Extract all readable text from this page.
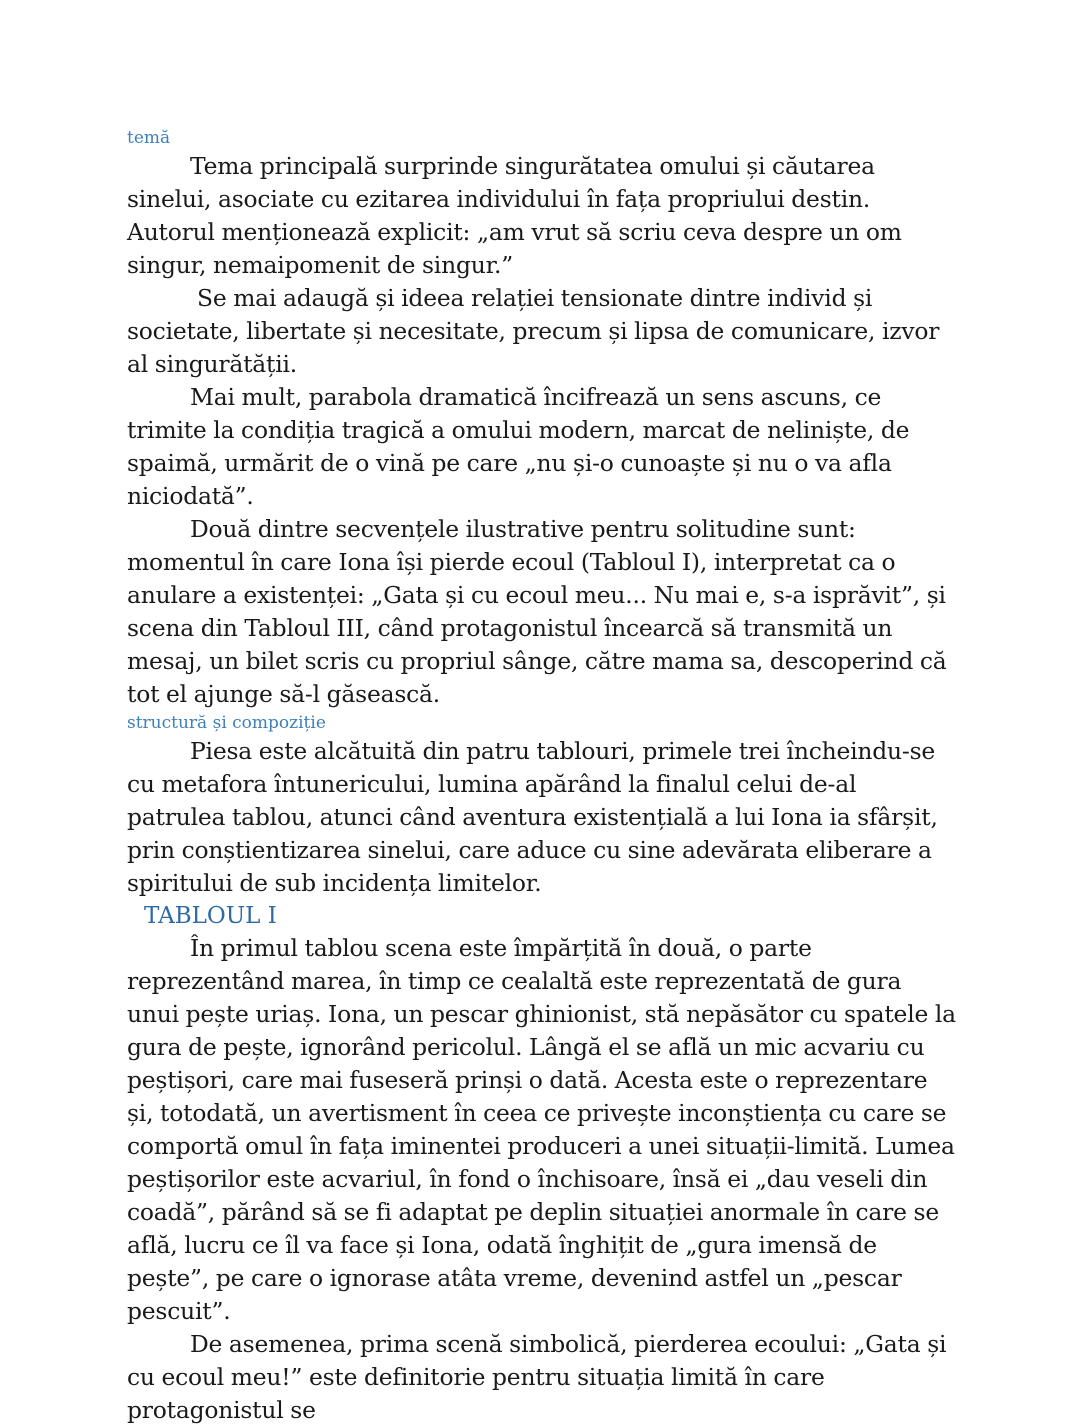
temă

Tema principală surprinde singurătatea omului și căutarea sinelui, asociate cu ezitarea individului în fața propriului destin. Autorul menționează explicit: „am vrut să scriu ceva despre un om singur, nemaipomenit de singur.”

Se mai adaugă și ideea relației tensionate dintre individ și societate, libertate și necesitate, precum și lipsa de comunicare, izvor al singurătății.

Mai mult, parabola dramatică încifrează un sens ascuns, ce trimite la condiția tragică a omului modern, marcat de neliniște, de spaimă, urmărit de o vină pe care „nu și-o cunoaște și nu o va afla niciodată”.

Două dintre secvențele ilustrative pentru solitudine sunt: momentul în care Iona își pierde ecoul (Tabloul I), interpretat ca o anulare a existenței: „Gata și cu ecoul meu... Nu mai e, s-a isprăvit”, și scena din Tabloul III, când protagonistul încearcă să transmită un mesaj, un bilet scris cu propriul sânge, către mama sa, descoperind că tot el ajunge să-l găsească.

structură și compoziție

Piesa este alcătuită din patru tablouri, primele trei încheindu-se cu metafora întunericului, lumina apărând la finalul celui de-al patrulea tablou, atunci când aventura existențială a lui Iona ia sfârșit, prin conștientizarea sinelui, care aduce cu sine adevărata eliberare a spiritului de sub incidența limitelor.

TABLOUL I

În primul tablou scena este împărțită în două, o parte reprezentând marea, în timp ce cealaltă este reprezentată de gura unui pește uriaș. Iona, un pescar ghinionist, stă nepăsător cu spatele la gura de pește, ignorând pericolul. Lângă el se află un mic acvariu cu peștișori, care mai fuseseră prinși o dată. Acesta este o reprezentare și, totodată, un avertisment în ceea ce privește inconștiența cu care se comportă omul în fața iminentei produceri a unei situații-limită. Lumea peștișorilor este acvariul, în fond o închisoare, însă ei „dau veseli din coadă”, părând să se fi adaptat pe deplin situației anormale în care se află, lucru ce îl va face și Iona, odată înghițit de „gura imensă de pește”, pe care o ignorase atâta vreme, devenind astfel un „pescar pescuit”.

De asemenea, prima scenă simbolică, pierderea ecoului: „Gata și cu ecoul meu!” este definitorie pentru situația limită în care protagonistul se
